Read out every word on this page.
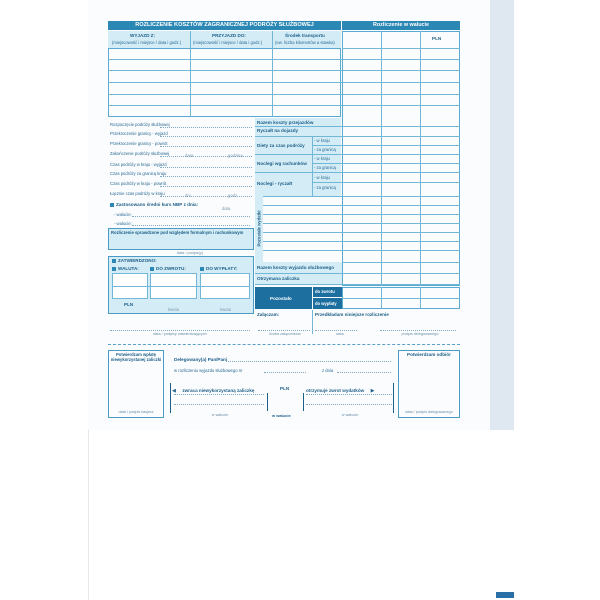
ROZLICZENIE KOSZTÓW ZAGRANICZNEJ PODRÓŻY SŁUŻBOWEJ	Rozliczenie w walucie
WYJAZD Z:
(miejscowość i miejsce / data i godz.)
PRZYJAZD DO:
(miejscowość i miejsce / data i godz.)
Środek transportu
(ew. liczba kilometrów a stawka)
PLN
Rozpoczęcie podróży służbowej
Przekroczenie granicy - wyjazd
Przekroczenie granicy - powrót
Zakończenie podróży służbowej	data	godzina
Czas podróży w kraju - wyjazd
Czas podróży za granicą kraju
Czas podróży w kraju - powrót
Łącznie czas podróży w kraju	dni	godz.
Zastosowano średni kurs NBP z dnia:
data
- walucie:
- walucie:
Rozliczenie sprawdzone pod względem formalnym i rachunkowym
data / podpis(y)
ZATWIERDZONO:
WALUTA:	DO ZWROTU:	DO WYPŁATY:
PLN
kwota	kwota
data / podpisy zatwierdzających
Razem koszty przejazdów
Ryczałt na dojazdy
Diety za czas podróży
- w kraju
- za granicą
Noclegi wg rachunków
- w kraju
- za granicą
Noclegi - ryczałt
- w kraju
- za granicą
Pozostałe wydatki
Razem koszty wyjazdu służbowego
Otrzymana zaliczka
Pozostało
do zwrotu
do wypłaty
Załączam:	Przedkładam niniejsze rozliczenie
liczba załączników	data	podpis delegowanego
Potwierdzam wpłatę niewykorzystanej zaliczki
data / podpis kasjera
Potwierdzam odbiór
data / podpis delegowanego
Delegowany(a) Pan/Pani
w rozliczeniu wyjazdu służbowego nr	z dnia
◀ zwraca niewykorzystaną zaliczkę	otrzymuje zwrot wydatków ▶
PLN
w walucie	w walucie	w walucie
